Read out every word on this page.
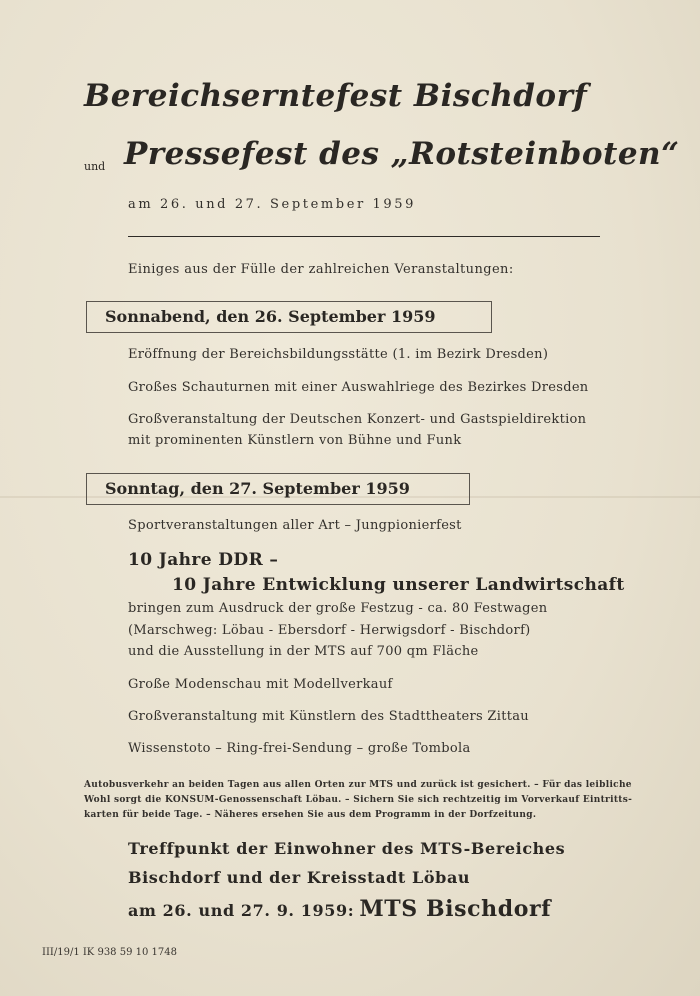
Bereichserntefest Bischdorf
und Pressefest des „Rotsteinboten“
am 26. und 27. September 1959
Einiges aus der Fülle der zahlreichen Veranstaltungen:
Sonnabend, den 26. September 1959
Eröffnung der Bereichsbildungsstätte (1. im Bezirk Dresden)
Großes Schauturnen mit einer Auswahlriege des Bezirkes Dresden
Großveranstaltung der Deutschen Konzert- und Gastspieldirektion
mit prominenten Künstlern von Bühne und Funk
Sonntag, den 27. September 1959
Sportveranstaltungen aller Art – Jungpionierfest
10 Jahre DDR –
10 Jahre Entwicklung unserer Landwirtschaft
bringen zum Ausdruck der große Festzug - ca. 80 Festwagen
(Marschweg: Löbau - Ebersdorf - Herwigsdorf - Bischdorf)
und die Ausstellung in der MTS auf 700 qm Fläche
Große Modenschau mit Modellverkauf
Großveranstaltung mit Künstlern des Stadttheaters Zittau
Wissenstoto – Ring-frei-Sendung – große Tombola
Autobusverkehr an beiden Tagen aus allen Orten zur MTS und zurück ist gesichert. – Für das leibliche
Wohl sorgt die KONSUM-Genossenschaft Löbau. – Sichern Sie sich rechtzeitig im Vorverkauf Eintritts-
karten für beide Tage. – Näheres ersehen Sie aus dem Programm in der Dorfzeitung.
Treffpunkt der Einwohner des MTS-Bereiches
Bischdorf und der Kreisstadt Löbau
am 26. und 27. 9. 1959: MTS Bischdorf
III/19/1 IK 938 59 10 1748
